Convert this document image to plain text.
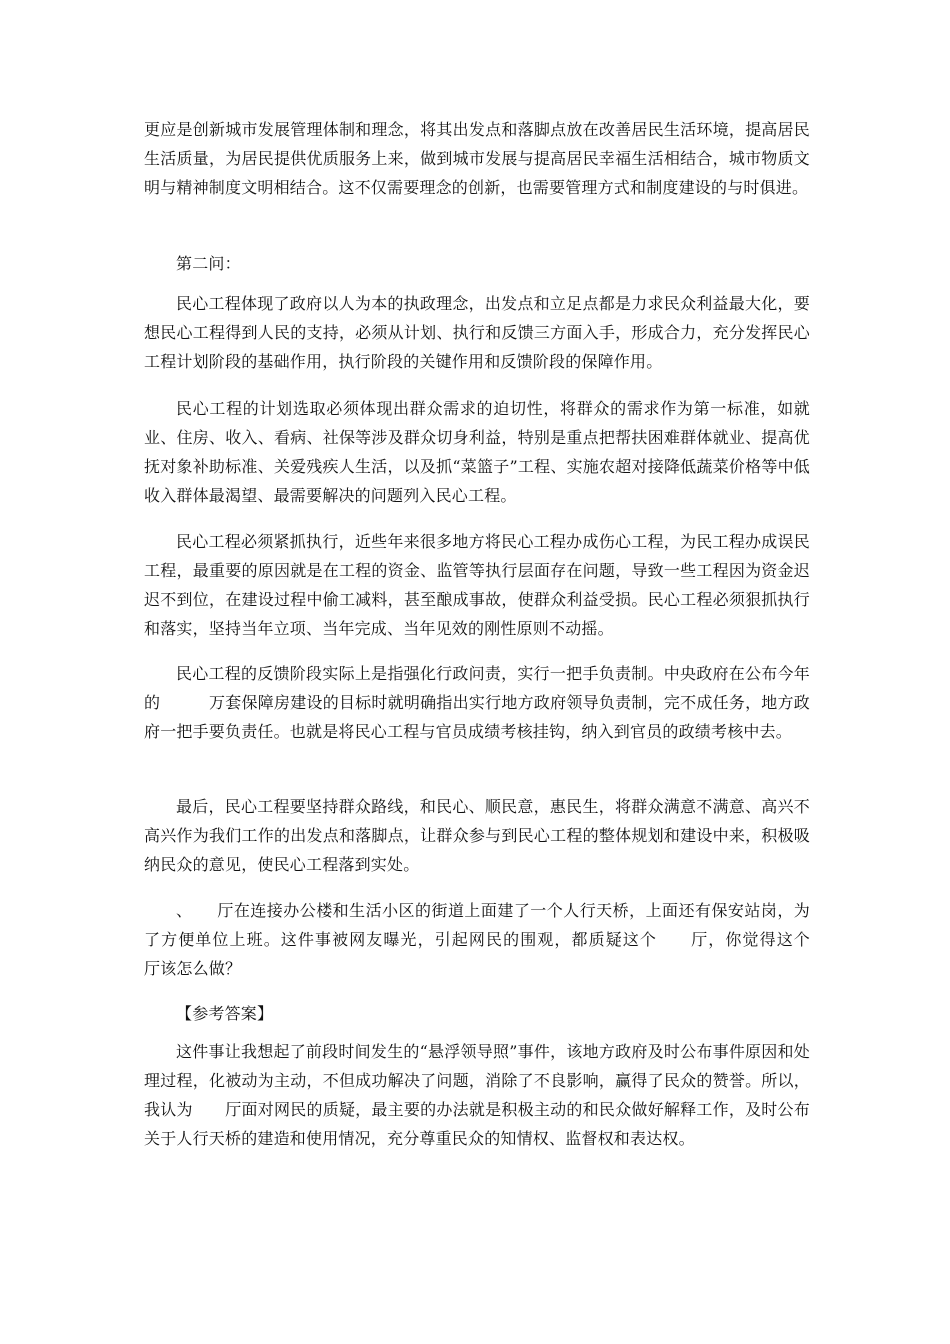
更应是创新城市发展管理体制和理念，将其出发点和落脚点放在改善居民生活环境，提高居民生活质量，为居民提供优质服务上来，做到城市发展与提高居民幸福生活相结合，城市物质文明与精神制度文明相结合。这不仅需要理念的创新，也需要管理方式和制度建设的与时俱进。
第二问：
民心工程体现了政府以人为本的执政理念，出发点和立足点都是力求民众利益最大化，要想民心工程得到人民的支持，必须从计划、执行和反馈三方面入手，形成合力，充分发挥民心工程计划阶段的基础作用，执行阶段的关键作用和反馈阶段的保障作用。
民心工程的计划选取必须体现出群众需求的迫切性，将群众的需求作为第一标准，如就业、住房、收入、看病、社保等涉及群众切身利益，特别是重点把帮扶困难群体就业、提高优抚对象补助标准、关爱残疾人生活，以及抓“菜篮子”工程、实施农超对接降低蔬菜价格等中低收入群体最渴望、最需要解决的问题列入民心工程。
民心工程必须紧抓执行，近些年来很多地方将民心工程办成伤心工程，为民工程办成误民工程，最重要的原因就是在工程的资金、监管等执行层面存在问题，导致一些工程因为资金迟迟不到位，在建设过程中偷工减料，甚至酿成事故，使群众利益受损。民心工程必须狠抓执行和落实，坚持当年立项、当年完成、当年见效的刚性原则不动摇。
民心工程的反馈阶段实际上是指强化行政问责，实行一把手负责制。中央政府在公布今年的　　　万套保障房建设的目标时就明确指出实行地方政府领导负责制，完不成任务，地方政府一把手要负责任。也就是将民心工程与官员成绩考核挂钩，纳入到官员的政绩考核中去。
最后，民心工程要坚持群众路线，和民心、顺民意，惠民生，将群众满意不满意、高兴不高兴作为我们工作的出发点和落脚点，让群众参与到民心工程的整体规划和建设中来，积极吸纳民众的意见，使民心工程落到实处。
、　　厅在连接办公楼和生活小区的街道上面建了一个人行天桥，上面还有保安站岗，为了方便单位上班。这件事被网友曝光，引起网民的围观，都质疑这个　　厅，你觉得这个　　厅该怎么做？
【参考答案】
这件事让我想起了前段时间发生的“悬浮领导照”事件，该地方政府及时公布事件原因和处理过程，化被动为主动，不但成功解决了问题，消除了不良影响，赢得了民众的赞誉。所以，我认为　　厅面对网民的质疑，最主要的办法就是积极主动的和民众做好解释工作，及时公布关于人行天桥的建造和使用情况，充分尊重民众的知情权、监督权和表达权。
